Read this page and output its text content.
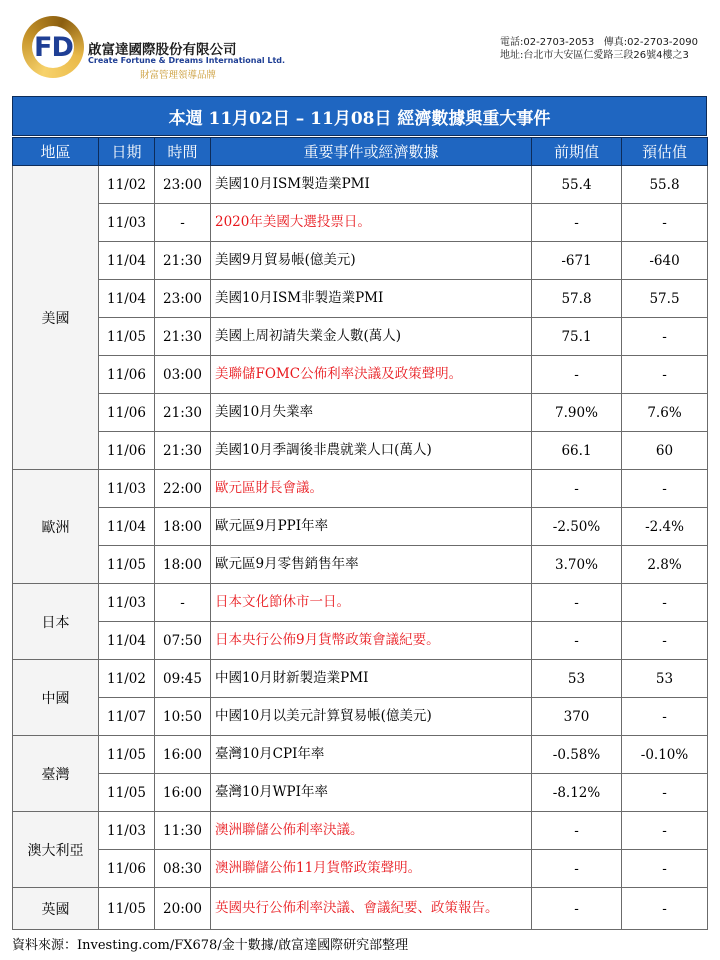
FD 啟富達國際股份有限公司
Create Fortune & Dreams International Ltd.
財富管理領導品牌
電話:02-2703-2053 傳真:02-2703-2090
地址:台北市大安區仁愛路三段26號4樓之3
本週 11月02日 – 11月08日 經濟數據與重大事件
地區	日期	時間	重要事件或經濟數據	前期值	預估值
美國	11/02	23:00	美國10月ISM製造業PMI	55.4	55.8
	11/03	-	2020年美國大選投票日。	-	-
	11/04	21:30	美國9月貿易帳(億美元)	-671	-640
	11/04	23:00	美國10月ISM非製造業PMI	57.8	57.5
	11/05	21:30	美國上周初請失業金人數(萬人)	75.1	-
	11/06	03:00	美聯儲FOMC公佈利率決議及政策聲明。	-	-
	11/06	21:30	美國10月失業率	7.90%	7.6%
	11/06	21:30	美國10月季調後非農就業人口(萬人)	66.1	60
歐洲	11/03	22:00	歐元區財長會議。	-	-
	11/04	18:00	歐元區9月PPI年率	-2.50%	-2.4%
	11/05	18:00	歐元區9月零售銷售年率	3.70%	2.8%
日本	11/03	-	日本文化節休市一日。	-	-
	11/04	07:50	日本央行公佈9月貨幣政策會議紀要。	-	-
中國	11/02	09:45	中國10月財新製造業PMI	53	53
	11/07	10:50	中國10月以美元計算貿易帳(億美元)	370	-
臺灣	11/05	16:00	臺灣10月CPI年率	-0.58%	-0.10%
	11/05	16:00	臺灣10月WPI年率	-8.12%	-
澳大利亞	11/03	11:30	澳洲聯儲公佈利率決議。	-	-
	11/06	08:30	澳洲聯儲公佈11月貨幣政策聲明。	-	-
英國	11/05	20:00	英國央行公佈利率決議、會議紀要、政策報告。	-	-
資料來源：Investing.com/FX678/金十數據/啟富達國際研究部整理
